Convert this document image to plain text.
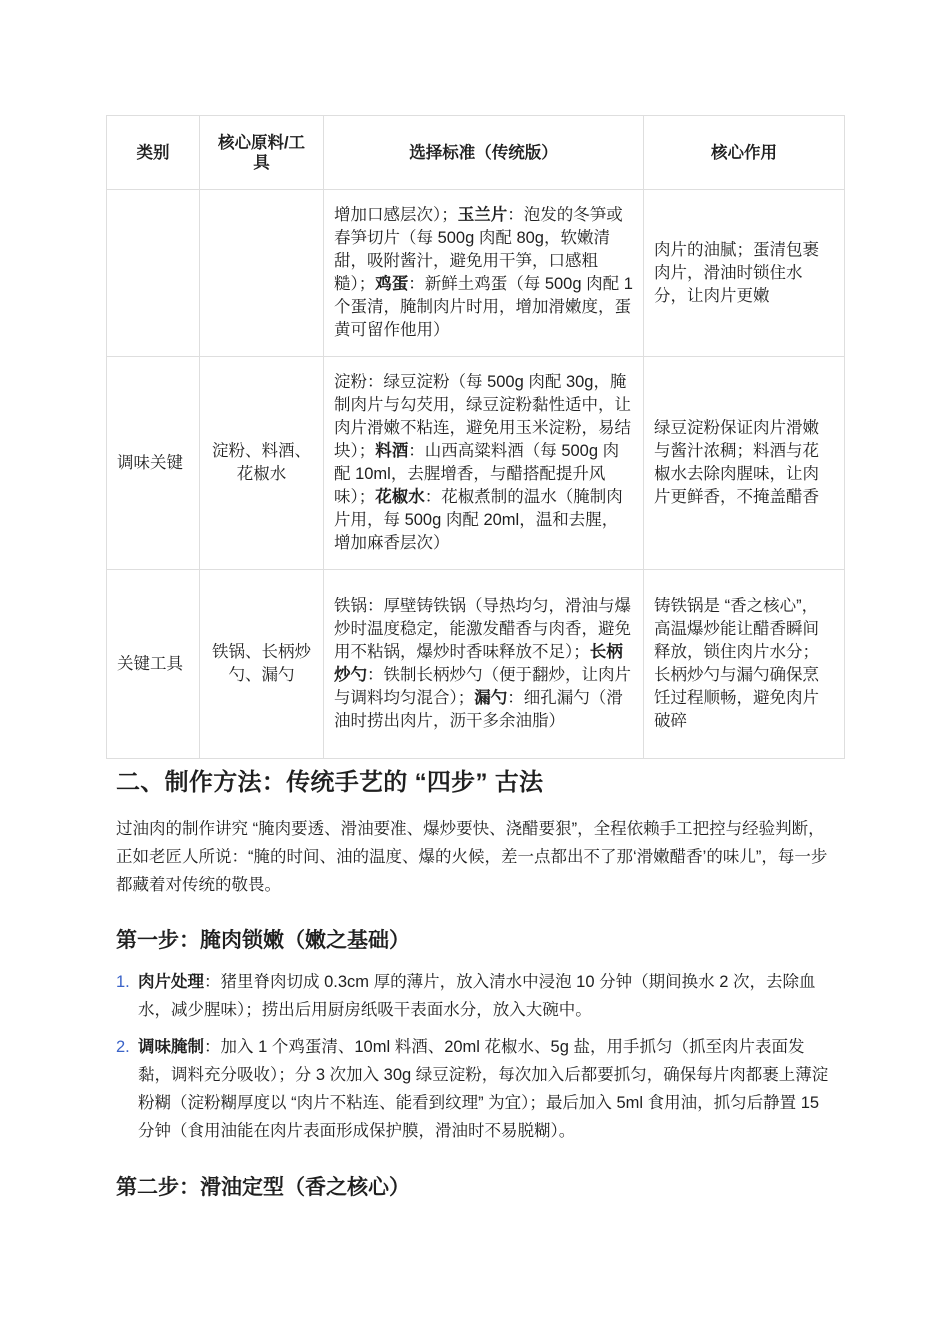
类别	核心原料/工具	选择标准（传统版）	核心作用
		增加口感层次）；玉兰片：泡发的冬笋或春笋切片（每 500g 肉配 80g，软嫩清甜，吸附酱汁，避免用干笋，口感粗糙）；鸡蛋：新鲜土鸡蛋（每 500g 肉配 1 个蛋清，腌制肉片时用，增加滑嫩度，蛋黄可留作他用）	肉片的油腻；蛋清包裹肉片，滑油时锁住水分，让肉片更嫩
调味关键	淀粉、料酒、花椒水	淀粉：绿豆淀粉（每 500g 肉配 30g，腌制肉片与勾芡用，绿豆淀粉黏性适中，让肉片滑嫩不粘连，避免用玉米淀粉，易结块）；料酒：山西高粱料酒（每 500g 肉配 10ml，去腥增香，与醋搭配提升风味）；花椒水：花椒煮制的温水（腌制肉片用，每 500g 肉配 20ml，温和去腥，增加麻香层次）	绿豆淀粉保证肉片滑嫩与酱汁浓稠；料酒与花椒水去除肉腥味，让肉片更鲜香，不掩盖醋香
关键工具	铁锅、长柄炒勺、漏勺	铁锅：厚壁铸铁锅（导热均匀，滑油与爆炒时温度稳定，能激发醋香与肉香，避免用不粘锅，爆炒时香味释放不足）；长柄炒勺：铁制长柄炒勺（便于翻炒，让肉片与调料均匀混合）；漏勺：细孔漏勺（滑油时捞出肉片，沥干多余油脂）	铸铁锅是 “香之核心”，高温爆炒能让醋香瞬间释放，锁住肉片水分；长柄炒勺与漏勺确保烹饪过程顺畅，避免肉片破碎
二、制作方法：传统手艺的 “四步” 古法

过油肉的制作讲究 “腌肉要透、滑油要准、爆炒要快、浇醋要狠”，全程依赖手工把控与经验判断，正如老匠人所说：“腌的时间、油的温度、爆的火候，差一点都出不了那‘滑嫩醋香’的味儿”，每一步都藏着对传统的敬畏。

第一步：腌肉锁嫩（嫩之基础）
1. 肉片处理：猪里脊肉切成 0.3cm 厚的薄片，放入清水中浸泡 10 分钟（期间换水 2 次，去除血水，减少腥味）；捞出后用厨房纸吸干表面水分，放入大碗中。
2. 调味腌制：加入 1 个鸡蛋清、10ml 料酒、20ml 花椒水、5g 盐，用手抓匀（抓至肉片表面发黏，调料充分吸收）；分 3 次加入 30g 绿豆淀粉，每次加入后都要抓匀，确保每片肉都裹上薄淀粉糊（淀粉糊厚度以 “肉片不粘连、能看到纹理” 为宜）；最后加入 5ml 食用油，抓匀后静置 15 分钟（食用油能在肉片表面形成保护膜，滑油时不易脱糊）。
第二步：滑油定型（香之核心）
